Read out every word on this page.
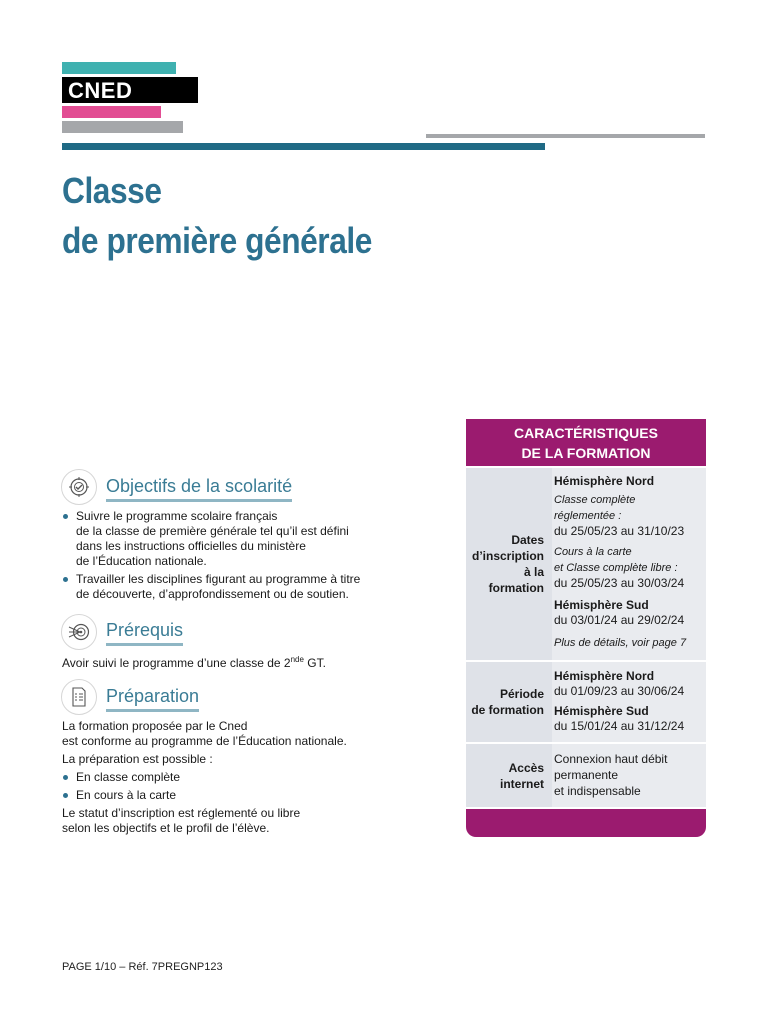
CNED
Classe
de première générale
Objectifs de la scolarité
Suivre le programme scolaire français
de la classe de première générale tel qu’il est défini
dans les instructions officielles du ministère
de l’Éducation nationale.
Travailler les disciplines figurant au programme à titre
de découverte, d’approfondissement ou de soutien.
Prérequis
Avoir suivi le programme d’une classe de 2nde GT.
Préparation
La formation proposée par le Cned
est conforme au programme de l’Éducation nationale.
La préparation est possible :
En classe complète
En cours à la carte
Le statut d’inscription est réglementé ou libre
selon les objectifs et le profil de l’élève.
CARACTÉRISTIQUES
DE LA FORMATION
Dates
d’inscription
à la formation
Hémisphère Nord
Classe complète
réglementée :
du 25/05/23 au 31/10/23
Cours à la carte
et Classe complète libre :
du 25/05/23 au 30/03/24
Hémisphère Sud
du 03/01/24 au 29/02/24
Plus de détails, voir page 7
Période
de formation
Hémisphère Nord
du 01/09/23 au 30/06/24
Hémisphère Sud
du 15/01/24 au 31/12/24
Accès
internet
Connexion haut débit
permanente
et indispensable
PAGE 1/10 – Réf. 7PREGNP123
